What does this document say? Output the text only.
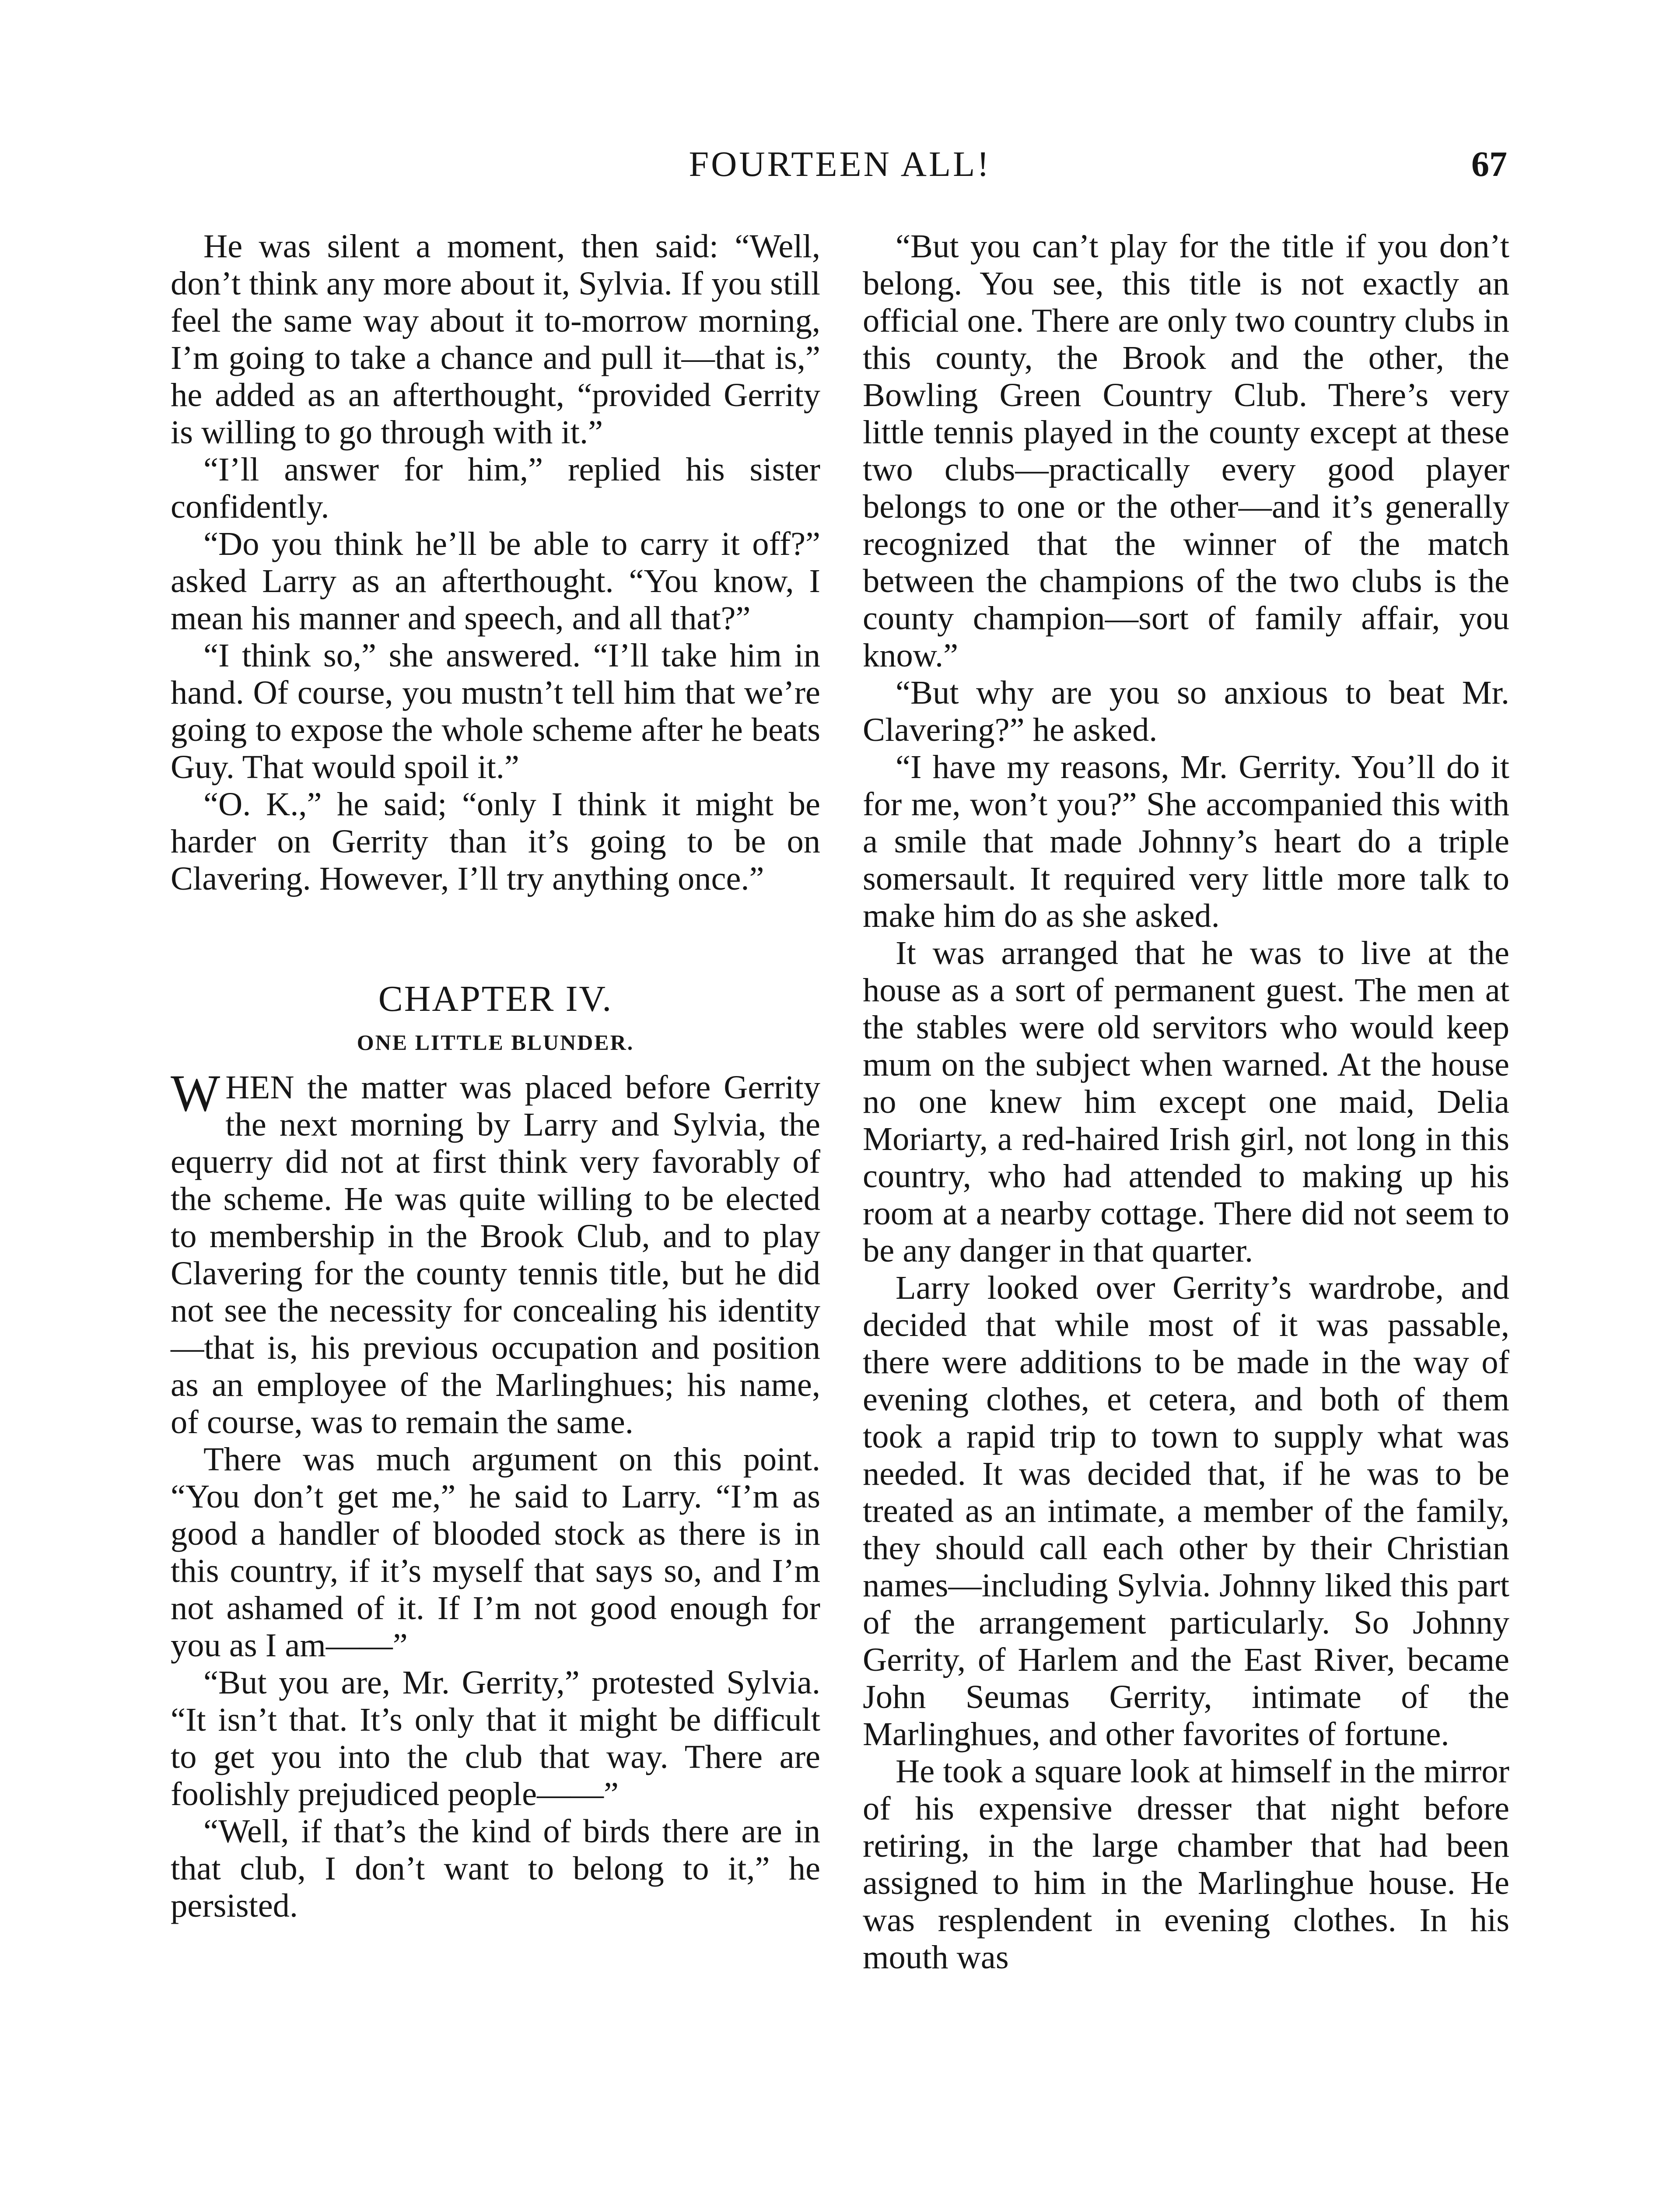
FOURTEEN ALL!	67

He was silent a moment, then said: “Well, don’t think any more about it, Sylvia. If you still feel the same way about it to-morrow morning, I’m going to take a chance and pull it—that is,” he added as an afterthought, “provided Gerrity is willing to go through with it.”

“I’ll answer for him,” replied his sister confidently.

“Do you think he’ll be able to carry it off?” asked Larry as an afterthought. “You know, I mean his manner and speech, and all that?”

“I think so,” she answered. “I’ll take him in hand. Of course, you mustn’t tell him that we’re going to expose the whole scheme after he beats Guy. That would spoil it.”

“O. K.,” he said; “only I think it might be harder on Gerrity than it’s going to be on Clavering. However, I’ll try anything once.”

CHAPTER IV.
ONE LITTLE BLUNDER.

WHEN the matter was placed before Gerrity the next morning by Larry and Sylvia, the equerry did not at first think very favorably of the scheme. He was quite willing to be elected to membership in the Brook Club, and to play Clavering for the county tennis title, but he did not see the necessity for concealing his identity —that is, his previous occupation and position as an employee of the Marlinghues; his name, of course, was to remain the same.

There was much argument on this point. “You don’t get me,” he said to Larry. “I’m as good a handler of blooded stock as there is in this country, if it’s myself that says so, and I’m not ashamed of it. If I’m not good enough for you as I am——”

“But you are, Mr. Gerrity,” protested Sylvia. “It isn’t that. It’s only that it might be difficult to get you into the club that way. There are foolishly prejudiced people——”

“Well, if that’s the kind of birds there are in that club, I don’t want to belong to it,” he persisted.

“But you can’t play for the title if you don’t belong. You see, this title is not exactly an official one. There are only two country clubs in this county, the Brook and the other, the Bowling Green Country Club. There’s very little tennis played in the county except at these two clubs—practically every good player belongs to one or the other—and it’s generally recognized that the winner of the match between the champions of the two clubs is the county champion—sort of family affair, you know.”

“But why are you so anxious to beat Mr. Clavering?” he asked.

“I have my reasons, Mr. Gerrity. You’ll do it for me, won’t you?” She accompanied this with a smile that made Johnny’s heart do a triple somersault. It required very little more talk to make him do as she asked.

It was arranged that he was to live at the house as a sort of permanent guest. The men at the stables were old servitors who would keep mum on the subject when warned. At the house no one knew him except one maid, Delia Moriarty, a red-haired Irish girl, not long in this country, who had attended to making up his room at a nearby cottage. There did not seem to be any danger in that quarter.

Larry looked over Gerrity’s wardrobe, and decided that while most of it was passable, there were additions to be made in the way of evening clothes, et cetera, and both of them took a rapid trip to town to supply what was needed. It was decided that, if he was to be treated as an intimate, a member of the family, they should call each other by their Christian names—including Sylvia. Johnny liked this part of the arrangement particularly. So Johnny Gerrity, of Harlem and the East River, became John Seumas Gerrity, intimate of the Marlinghues, and other favorites of fortune.

He took a square look at himself in the mirror of his expensive dresser that night before retiring, in the large chamber that had been assigned to him in the Marlinghue house. He was resplendent in evening clothes. In his mouth was
